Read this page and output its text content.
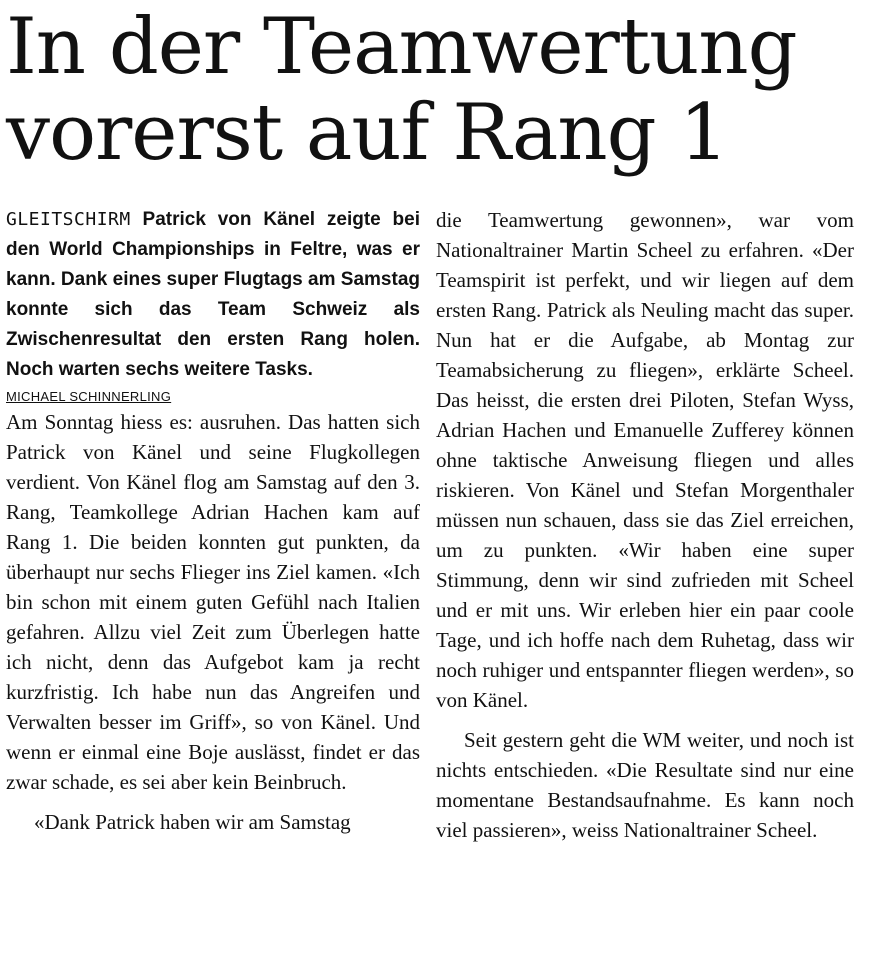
In der Teamwertung
vorerst auf Rang 1

GLEITSCHIRM Patrick von Känel zeigte bei den World Championships in Feltre, was er kann. Dank eines super Flugtags am Samstag konnte sich das Team Schweiz als Zwischenresultat den ersten Rang holen. Noch warten sechs weitere Tasks.

MICHAEL SCHINNERLING

Am Sonntag hiess es: ausruhen. Das hatten sich Patrick von Känel und seine Flugkollegen verdient. Von Känel flog am Samstag auf den 3. Rang, Teamkollege Adrian Hachen kam auf Rang 1. Die beiden konnten gut punkten, da überhaupt nur sechs Flieger ins Ziel kamen. «Ich bin schon mit einem guten Gefühl nach Italien gefahren. Allzu viel Zeit zum Überlegen hatte ich nicht, denn das Aufgebot kam ja recht kurzfristig. Ich habe nun das Angreifen und Verwalten besser im Griff», so von Känel. Und wenn er einmal eine Boje auslässt, findet er das zwar schade, es sei aber kein Beinbruch.

«Dank Patrick haben wir am Samstag

die Teamwertung gewonnen», war vom Nationaltrainer Martin Scheel zu erfahren. «Der Teamspirit ist perfekt, und wir liegen auf dem ersten Rang. Patrick als Neuling macht das super. Nun hat er die Aufgabe, ab Montag zur Teamabsicherung zu fliegen», erklärte Scheel. Das heisst, die ersten drei Piloten, Stefan Wyss, Adrian Hachen und Emanuelle Zufferey können ohne taktische Anweisung fliegen und alles riskieren. Von Känel und Stefan Morgenthaler müssen nun schauen, dass sie das Ziel erreichen, um zu punkten. «Wir haben eine super Stimmung, denn wir sind zufrieden mit Scheel und er mit uns. Wir erleben hier ein paar coole Tage, und ich hoffe nach dem Ruhetag, dass wir noch ruhiger und entspannter fliegen werden», so von Känel.

Seit gestern geht die WM weiter, und noch ist nichts entschieden. «Die Resultate sind nur eine momentane Bestandsaufnahme. Es kann noch viel passieren», weiss Nationaltrainer Scheel.
